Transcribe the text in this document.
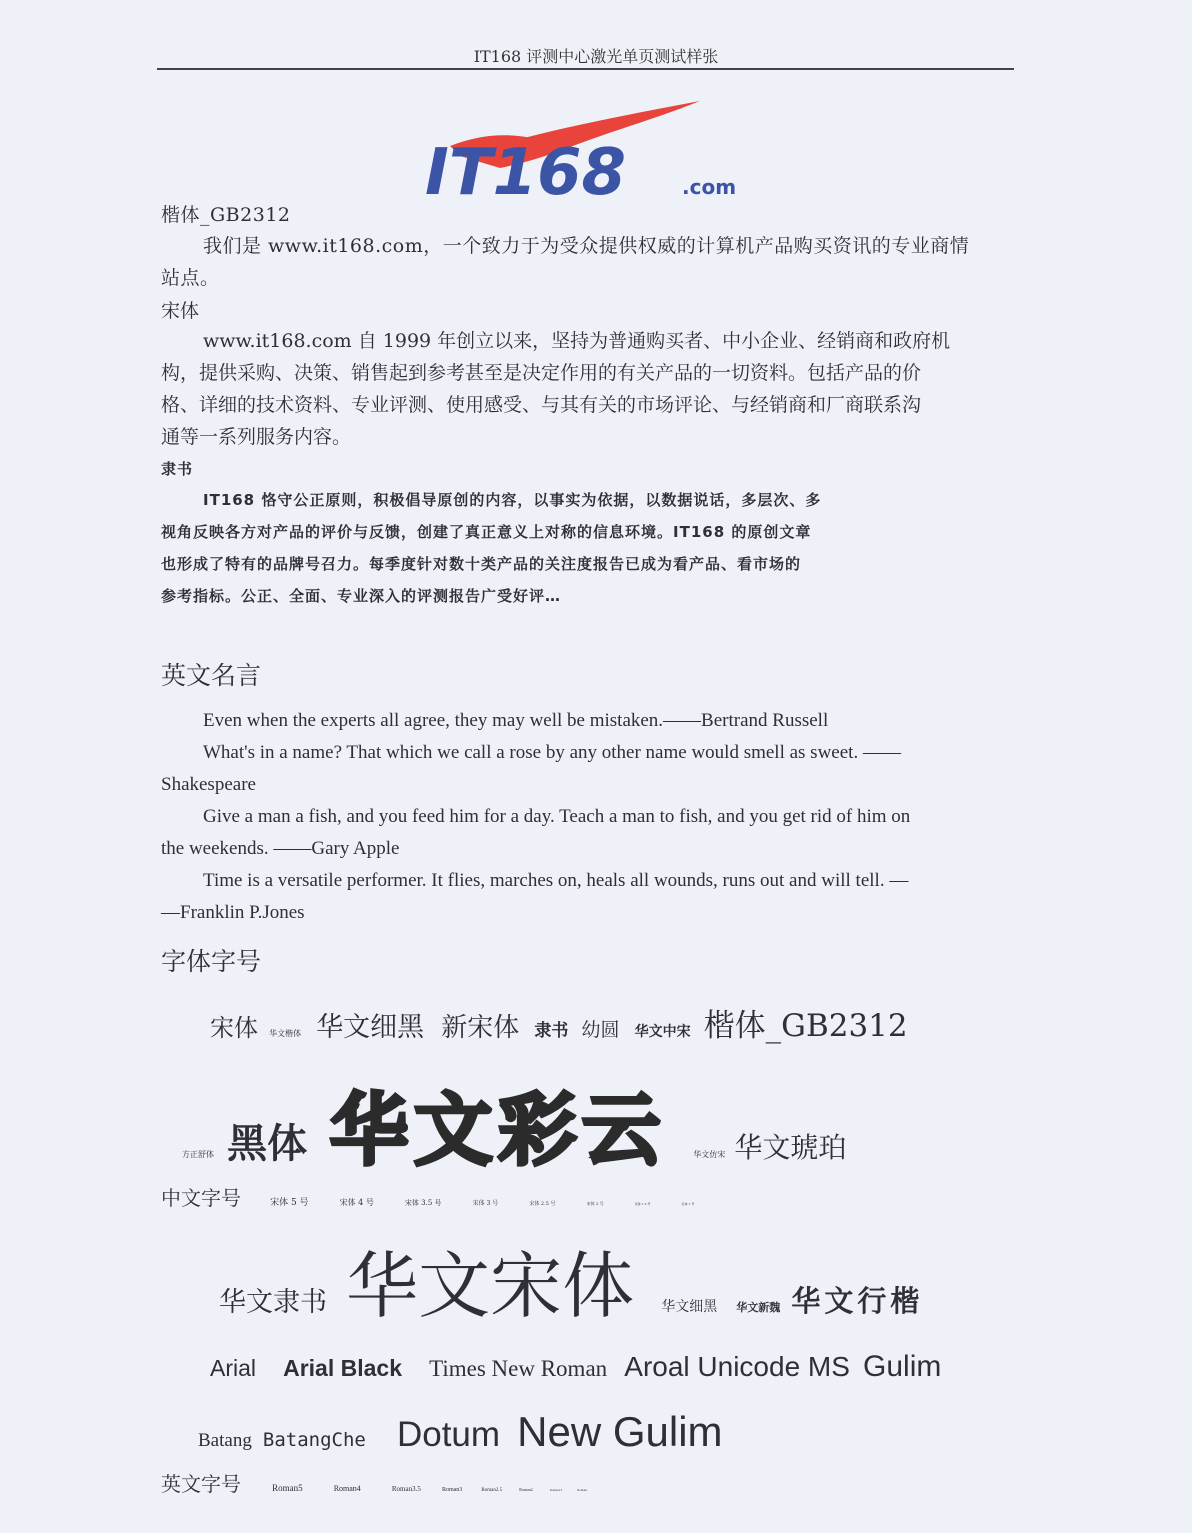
IT168 评测中心激光单页测试样张
IT168	.com
楷体_GB2312
我们是 www.it168.com，一个致力于为受众提供权威的计算机产品购买资讯的专业商情
站点。
宋体
www.it168.com 自 1999 年创立以来，坚持为普通购买者、中小企业、经销商和政府机
构，提供采购、决策、销售起到参考甚至是决定作用的有关产品的一切资料。包括产品的价
格、详细的技术资料、专业评测、使用感受、与其有关的市场评论、与经销商和厂商联系沟
通等一系列服务内容。
隶书
IT168 恪守公正原则，积极倡导原创的内容，以事实为依据，以数据说话，多层次、多
视角反映各方对产品的评价与反馈，创建了真正意义上对称的信息环境。IT168 的原创文章
也形成了特有的品牌号召力。每季度针对数十类产品的关注度报告已成为看产品、看市场的
参考指标。公正、全面、专业深入的评测报告广受好评…
英文名言
Even when the experts all agree, they may well be mistaken.——Bertrand Russell
What's in a name? That which we call a rose by any other name would smell as sweet. ——
Shakespeare
Give a man a fish, and you feed him for a day. Teach a man to fish, and you get rid of him on
the weekends. ——Gary Apple
Time is a versatile performer. It flies, marches on, heals all wounds, runs out and will tell. —
—Franklin P.Jones
字体字号
宋体 华文楷体 华文细黑 新宋体 隶书 幼圆 华文中宋 楷体_GB2312
方正舒体 黑体 华文彩云	华文仿宋 华文琥珀
中文字号	宋体 5 号	宋体 4 号	宋体 3.5 号	宋体 3 号	宋体 2.5 号	宋体 2 号	宋体 1.5 号	宋体 1 号
华文隶书 华文宋体 华文细黑 华文新魏 华文行楷
Arial Arial Black Times New Roman Aroal Unicode MS Gulim
Batang BatangChe Dotum New Gulim
英文字号	Roman5	Roman4	Roman3.5	Roman3	Roman2.5	Roman2	Roman1.5	Roman1
